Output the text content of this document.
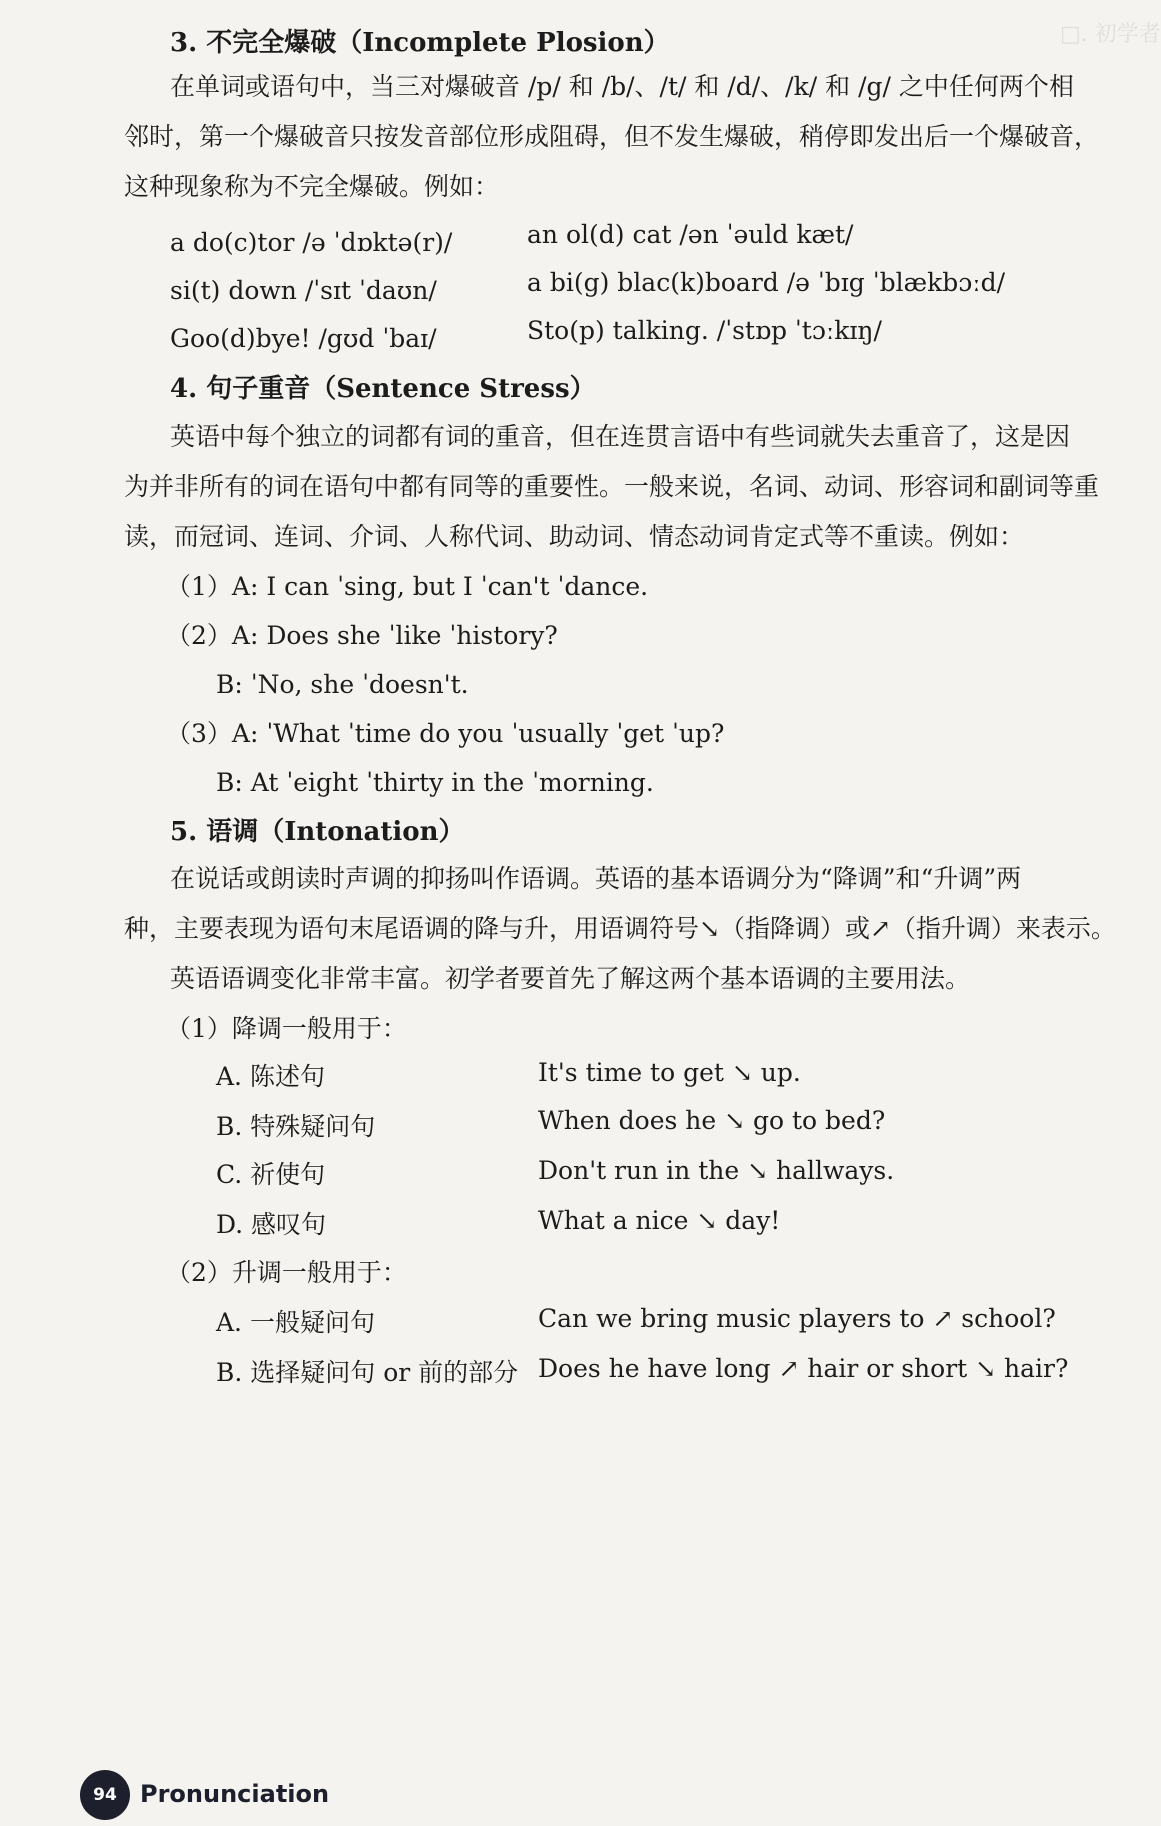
□. 初学者
3. 不完全爆破（Incomplete Plosion）
在单词或语句中，当三对爆破音 /p/ 和 /b/、/t/ 和 /d/、/k/ 和 /g/ 之中任何两个相
邻时，第一个爆破音只按发音部位形成阻碍，但不发生爆破，稍停即发出后一个爆破音，
这种现象称为不完全爆破。例如：
a do(c)tor /ə ˈdɒktə(r)/	an ol(d) cat /ən ˈəuld kæt/
si(t) down /ˈsɪt ˈdaʊn/	a bi(g) blac(k)board /ə ˈbɪg ˈblækbɔːd/
Goo(d)bye! /gʊd ˈbaɪ/	Sto(p) talking. /ˈstɒp ˈtɔːkɪŋ/
4. 句子重音（Sentence Stress）
英语中每个独立的词都有词的重音，但在连贯言语中有些词就失去重音了，这是因
为并非所有的词在语句中都有同等的重要性。一般来说，名词、动词、形容词和副词等重
读，而冠词、连词、介词、人称代词、助动词、情态动词肯定式等不重读。例如：
（1）A: I can ˈsing, but I ˈcan't ˈdance.
（2）A: Does she ˈlike ˈhistory?
B: ˈNo, she ˈdoesn't.
（3）A: ˈWhat ˈtime do you ˈusually ˈget ˈup?
B: At ˈeight ˈthirty in the ˈmorning.
5. 语调（Intonation）
在说话或朗读时声调的抑扬叫作语调。英语的基本语调分为“降调”和“升调”两
种，主要表现为语句末尾语调的降与升，用语调符号↘（指降调）或↗（指升调）来表示。
英语语调变化非常丰富。初学者要首先了解这两个基本语调的主要用法。
（1）降调一般用于：
A. 陈述句	It's time to get ↘ up.
B. 特殊疑问句	When does he ↘ go to bed?
C. 祈使句	Don't run in the ↘ hallways.
D. 感叹句	What a nice ↘ day!
（2）升调一般用于：
A. 一般疑问句	Can we bring music players to ↗ school?
B. 选择疑问句 or 前的部分 Does he have long ↗ hair or short ↘ hair?
94 Pronunciation
